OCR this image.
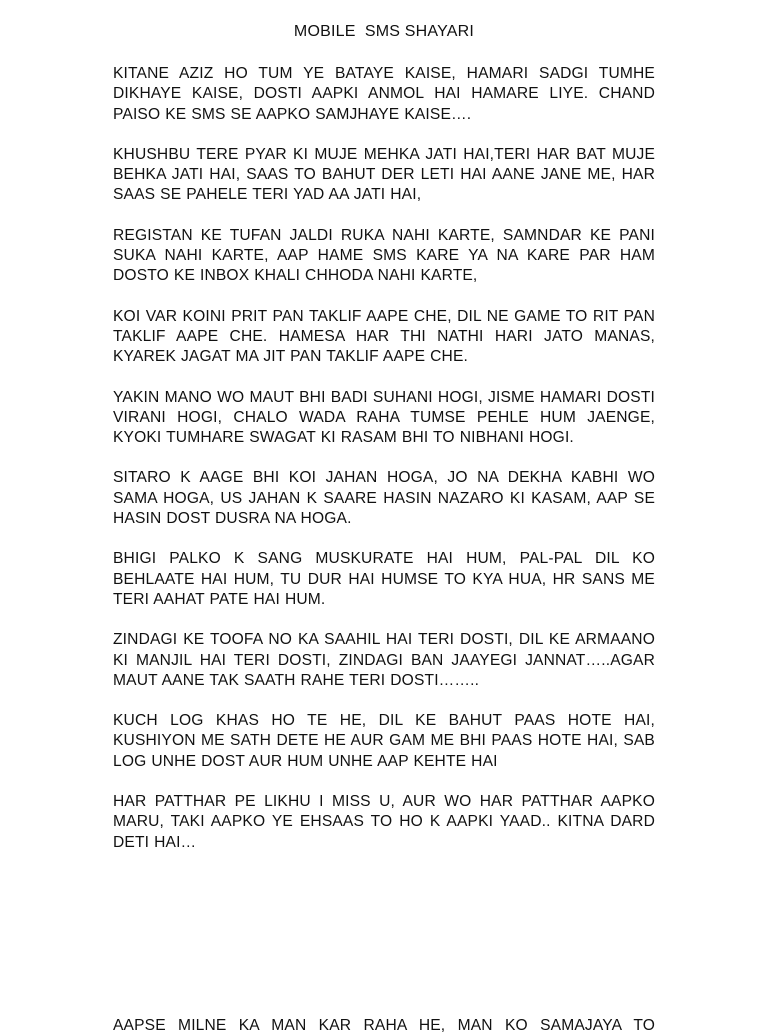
MOBILE  SMS SHAYARI

KITANE AZIZ HO TUM YE BATAYE KAISE, HAMARI SADGI TUMHE DIKHAYE KAISE, DOSTI AAPKI ANMOL HAI HAMARE LIYE. CHAND PAISO KE SMS SE AAPKO SAMJHAYE KAISE….

KHUSHBU TERE PYAR KI MUJE MEHKA JATI HAI,TERI HAR BAT MUJE BEHKA JATI HAI, SAAS TO BAHUT DER LETI HAI AANE JANE ME, HAR SAAS SE PAHELE TERI YAD AA JATI HAI,

REGISTAN KE TUFAN JALDI RUKA NAHI KARTE, SAMNDAR KE PANI SUKA NAHI KARTE, AAP HAME SMS KARE YA NA KARE PAR HAM DOSTO KE INBOX KHALI CHHODA NAHI KARTE,

KOI VAR KOINI PRIT PAN TAKLIF AAPE CHE, DIL NE GAME TO RIT PAN TAKLIF AAPE CHE. HAMESA HAR THI NATHI HARI JATO MANAS, KYAREK JAGAT MA JIT PAN TAKLIF AAPE CHE.

YAKIN MANO WO MAUT BHI BADI SUHANI HOGI, JISME HAMARI DOSTI VIRANI HOGI, CHALO WADA RAHA TUMSE PEHLE HUM JAENGE, KYOKI TUMHARE SWAGAT KI RASAM BHI TO NIBHANI HOGI.

SITARO K AAGE BHI KOI JAHAN HOGA, JO NA DEKHA KABHI WO SAMA HOGA, US JAHAN K SAARE HASIN NAZARO KI KASAM, AAP SE HASIN DOST DUSRA NA HOGA.

BHIGI PALKO K SANG MUSKURATE HAI HUM, PAL-PAL DIL KO BEHLAATE HAI HUM, TU DUR HAI HUMSE TO KYA HUA, HR SANS ME TERI AAHAT PATE HAI HUM.

ZINDAGI KE TOOFA NO KA SAAHIL HAI TERI DOSTI, DIL KE ARMAANO KI MANJIL HAI TERI DOSTI, ZINDAGI BAN JAAYEGI JANNAT…..AGAR MAUT AANE TAK SAATH RAHE TERI DOSTI……..

KUCH LOG KHAS HO TE HE, DIL KE BAHUT PAAS HOTE HAI, KUSHIYON ME SATH DETE HE AUR GAM ME BHI PAAS HOTE HAI, SAB LOG UNHE DOST AUR HUM UNHE AAP KEHTE HAI

HAR PATTHAR PE LIKHU I MISS U, AUR WO HAR PATTHAR AAPKO MARU, TAKI AAPKO YE EHSAAS TO HO K AAPKI YAAD.. KITNA DARD DETI HAI…

AAPSE MILNE KA MAN KAR RAHA HE, MAN KO SAMAJAYA TO
